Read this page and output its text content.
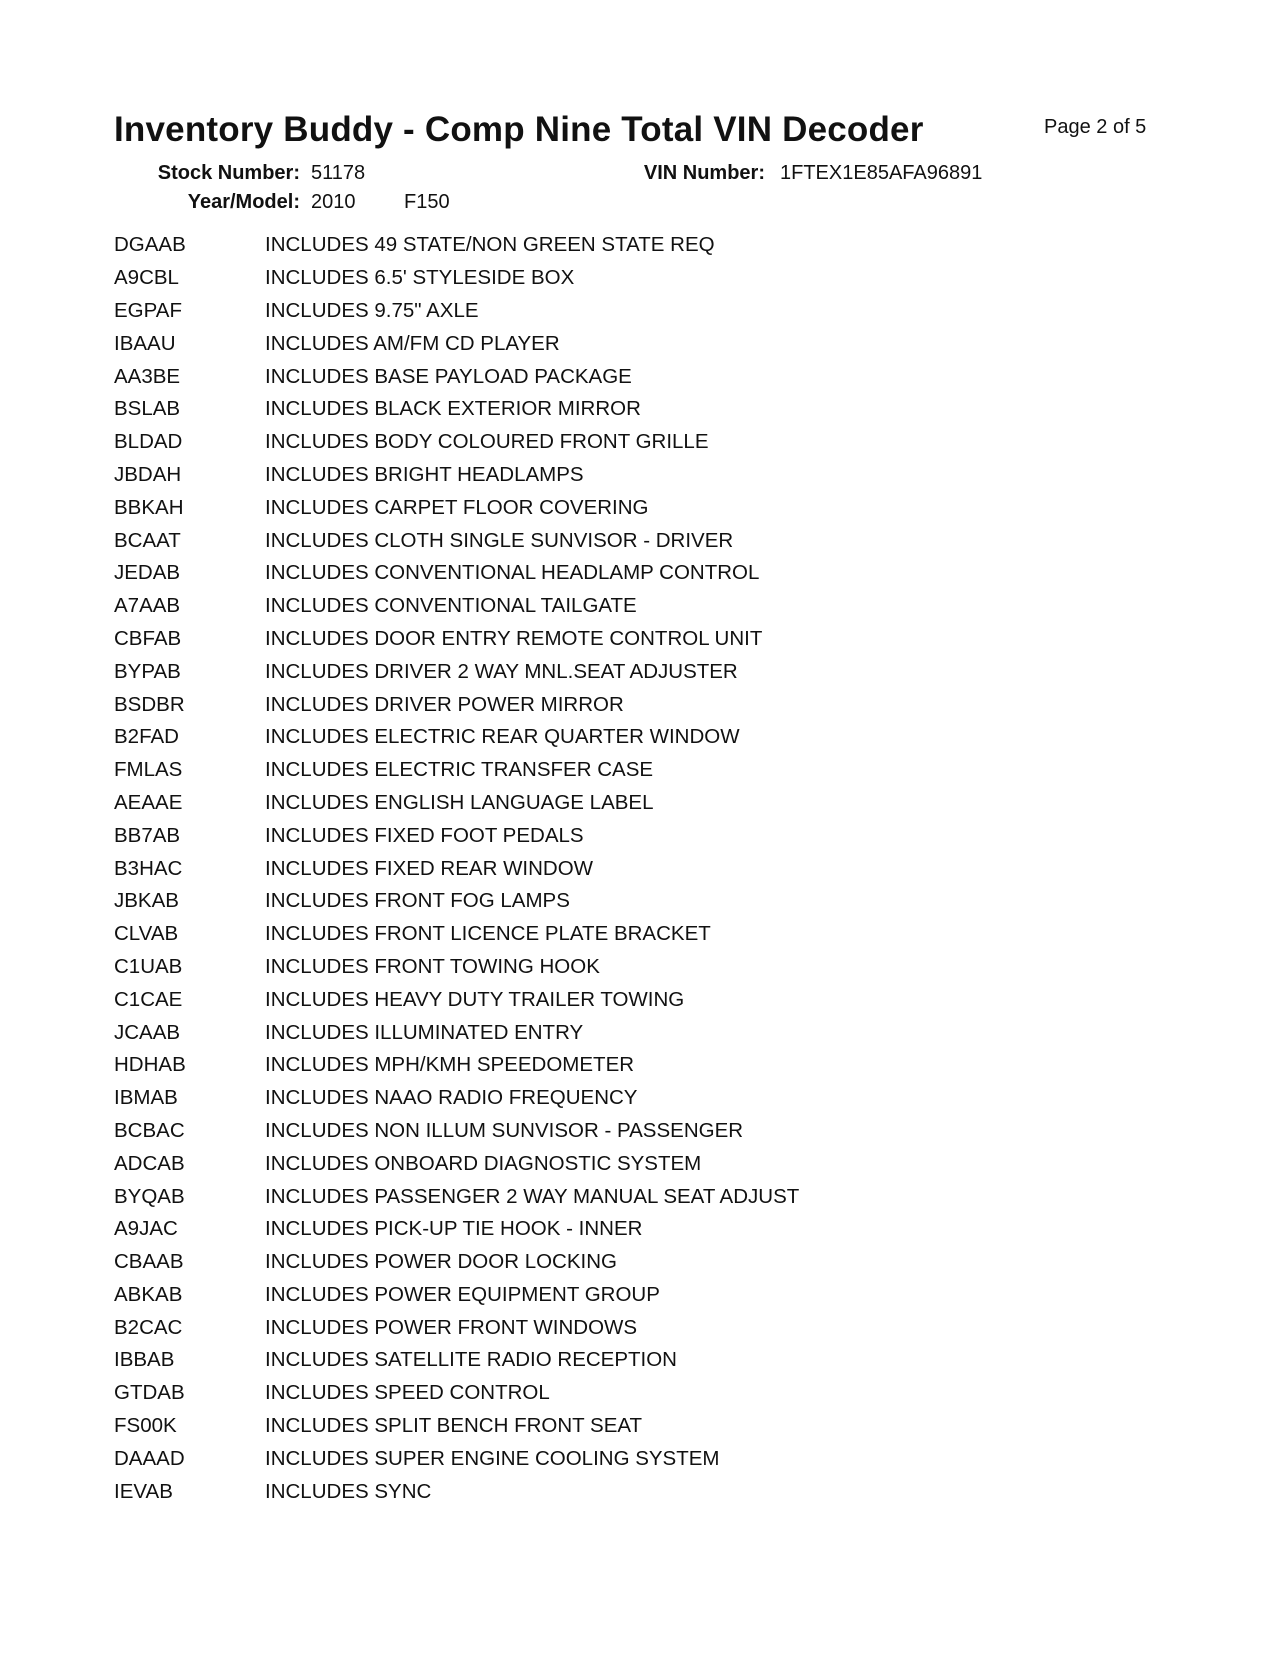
Inventory Buddy - Comp Nine Total VIN Decoder	Page 2 of 5
Stock Number: 51178	VIN Number: 1FTEX1E85AFA96891
Year/Model: 2010 F150
DGAAB	INCLUDES 49 STATE/NON GREEN STATE REQ
A9CBL	INCLUDES 6.5' STYLESIDE BOX
EGPAF	INCLUDES 9.75" AXLE
IBAAU	INCLUDES AM/FM CD PLAYER
AA3BE	INCLUDES BASE PAYLOAD PACKAGE
BSLAB	INCLUDES BLACK EXTERIOR MIRROR
BLDAD	INCLUDES BODY COLOURED FRONT GRILLE
JBDAH	INCLUDES BRIGHT HEADLAMPS
BBKAH	INCLUDES CARPET FLOOR COVERING
BCAAT	INCLUDES CLOTH SINGLE SUNVISOR - DRIVER
JEDAB	INCLUDES CONVENTIONAL HEADLAMP CONTROL
A7AAB	INCLUDES CONVENTIONAL TAILGATE
CBFAB	INCLUDES DOOR ENTRY REMOTE CONTROL UNIT
BYPAB	INCLUDES DRIVER 2 WAY MNL.SEAT ADJUSTER
BSDBR	INCLUDES DRIVER POWER MIRROR
B2FAD	INCLUDES ELECTRIC REAR QUARTER WINDOW
FMLAS	INCLUDES ELECTRIC TRANSFER CASE
AEAAE	INCLUDES ENGLISH LANGUAGE LABEL
BB7AB	INCLUDES FIXED FOOT PEDALS
B3HAC	INCLUDES FIXED REAR WINDOW
JBKAB	INCLUDES FRONT FOG LAMPS
CLVAB	INCLUDES FRONT LICENCE PLATE BRACKET
C1UAB	INCLUDES FRONT TOWING HOOK
C1CAE	INCLUDES HEAVY DUTY TRAILER TOWING
JCAAB	INCLUDES ILLUMINATED ENTRY
HDHAB	INCLUDES MPH/KMH SPEEDOMETER
IBMAB	INCLUDES NAAO RADIO FREQUENCY
BCBAC	INCLUDES NON ILLUM SUNVISOR - PASSENGER
ADCAB	INCLUDES ONBOARD DIAGNOSTIC SYSTEM
BYQAB	INCLUDES PASSENGER 2 WAY MANUAL SEAT ADJUST
A9JAC	INCLUDES PICK-UP TIE HOOK - INNER
CBAAB	INCLUDES POWER DOOR LOCKING
ABKAB	INCLUDES POWER EQUIPMENT GROUP
B2CAC	INCLUDES POWER FRONT WINDOWS
IBBAB	INCLUDES SATELLITE RADIO RECEPTION
GTDAB	INCLUDES SPEED CONTROL
FS00K	INCLUDES SPLIT BENCH FRONT SEAT
DAAAD	INCLUDES SUPER ENGINE COOLING SYSTEM
IEVAB	INCLUDES SYNC
